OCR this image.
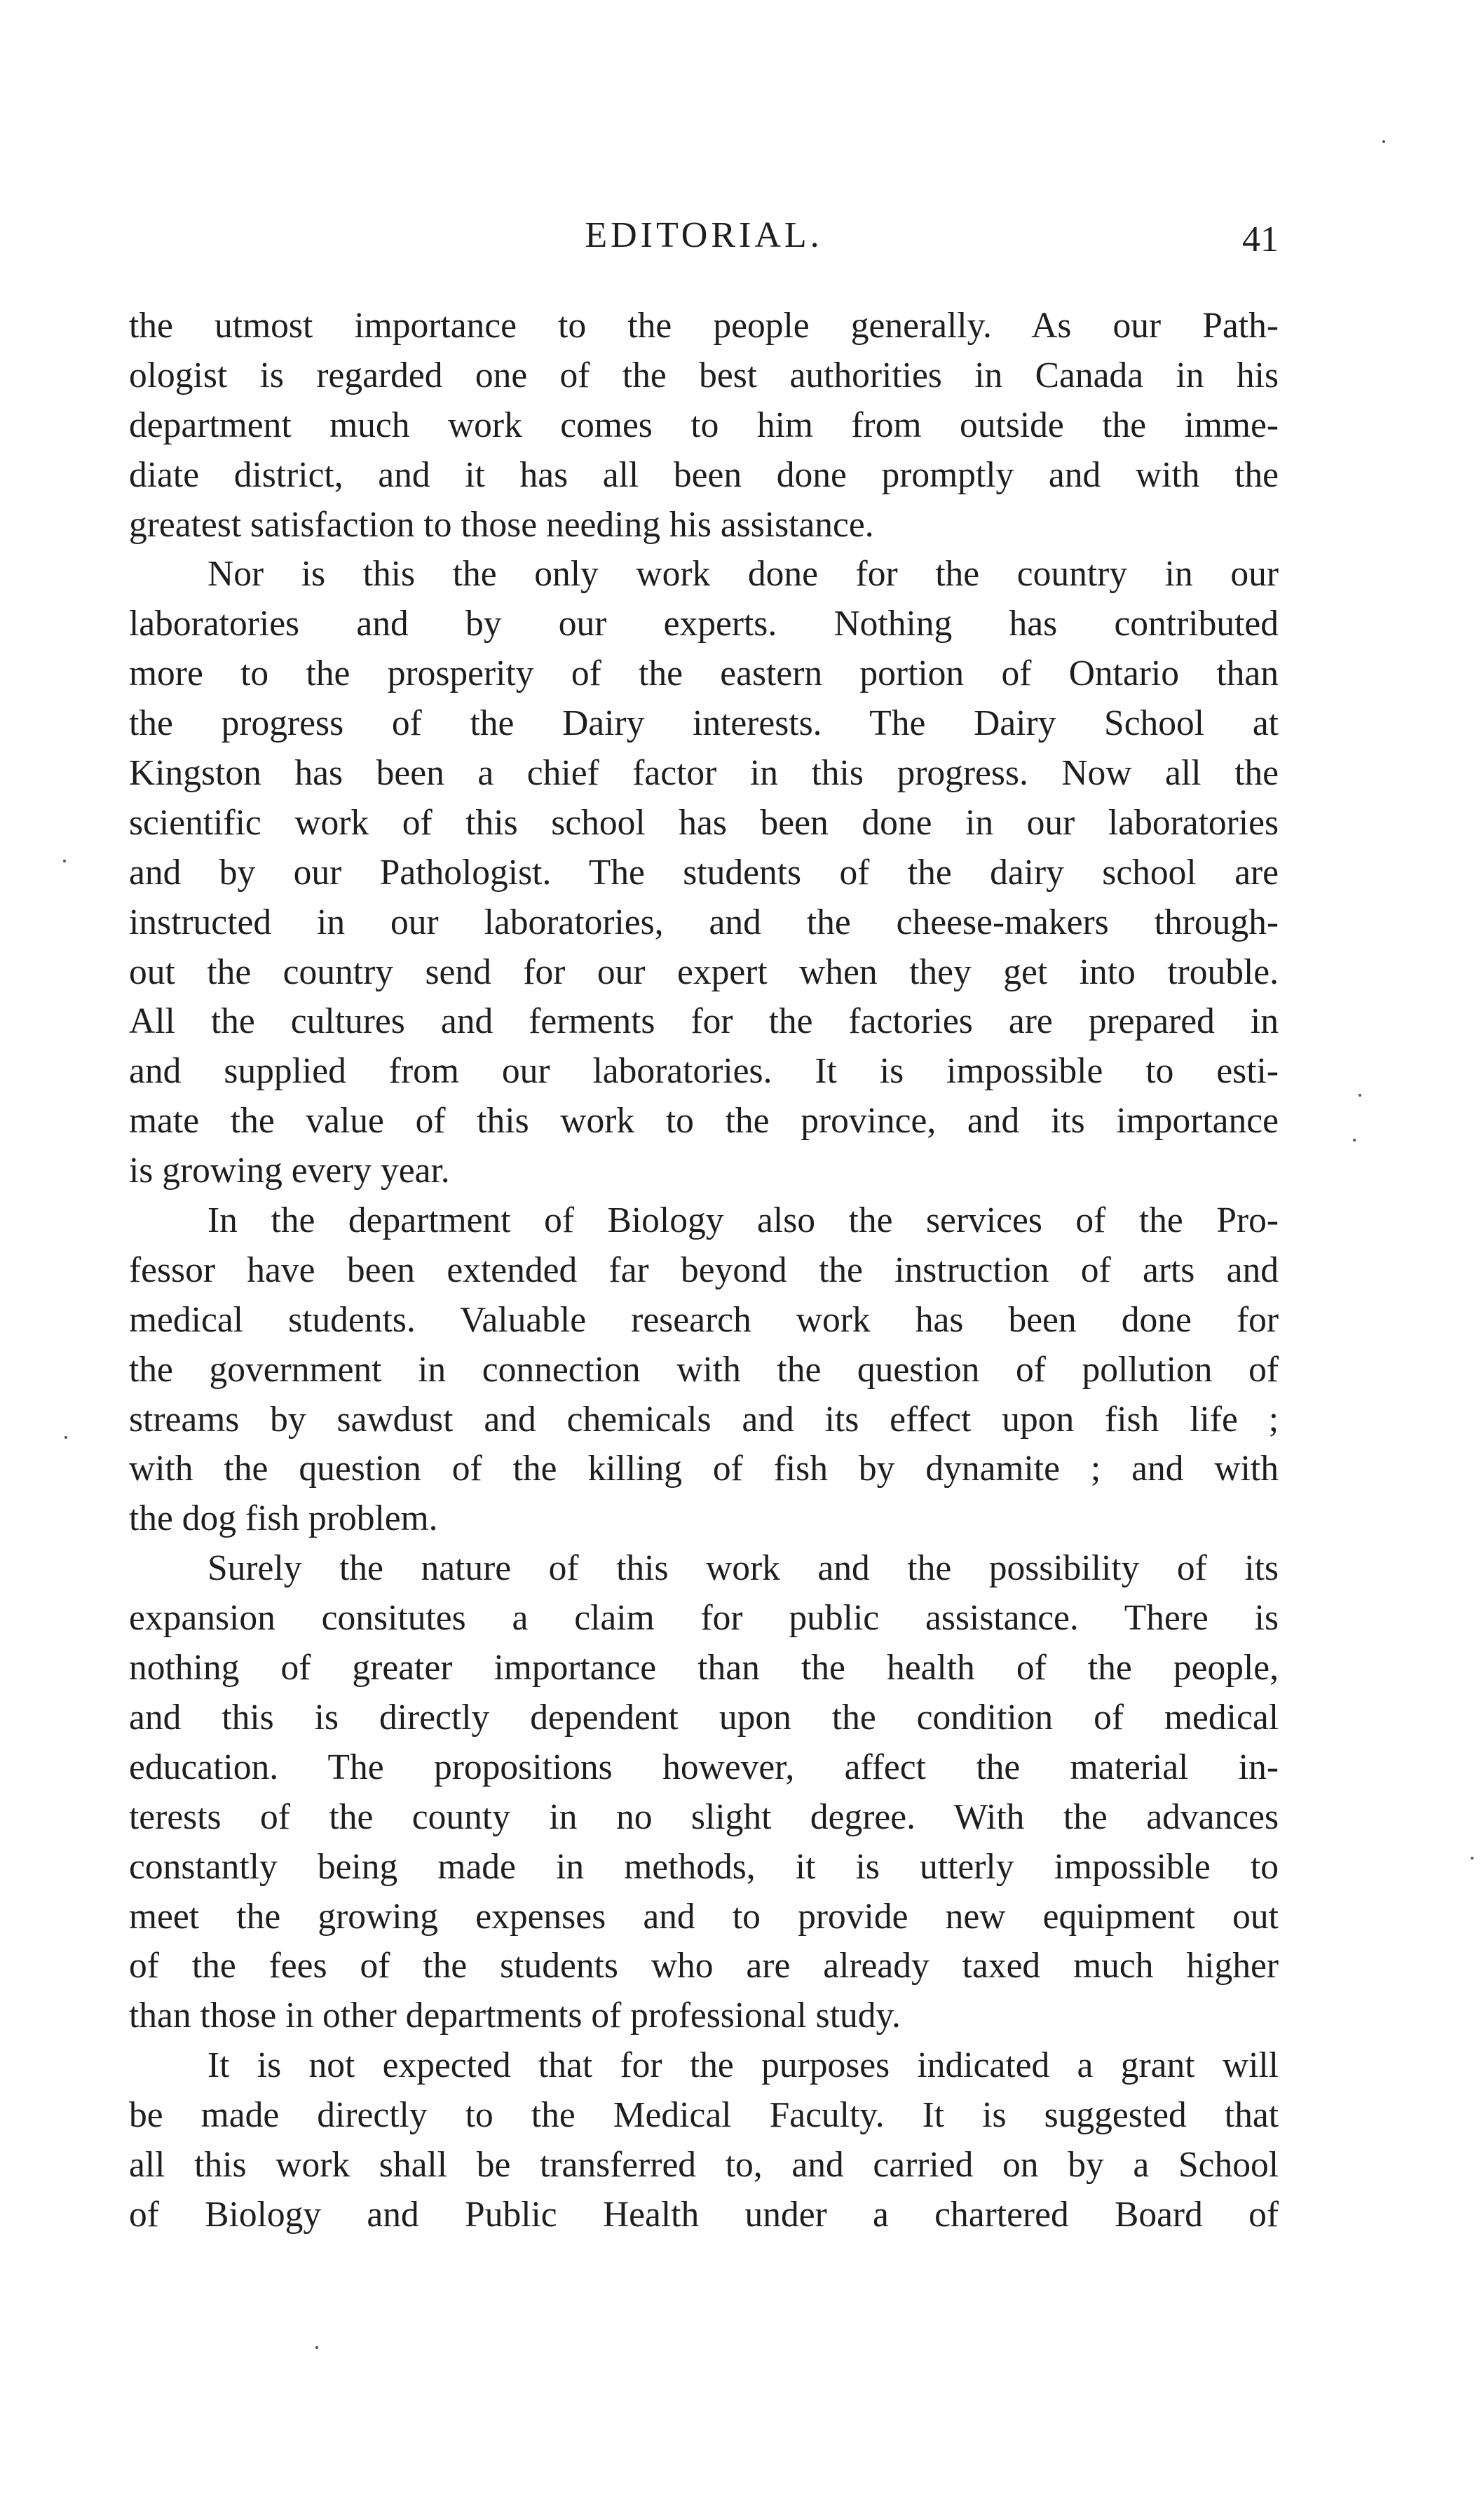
EDITORIAL.	41

the utmost importance to the people generally. As our Path-
ologist is regarded one of the best authorities in Canada in his
department much work comes to him from outside the imme-
diate district, and it has all been done promptly and with the
greatest satisfaction to those needing his assistance.

Nor is this the only work done for the country in our
laboratories and by our experts. Nothing has contributed
more to the prosperity of the eastern portion of Ontario than
the progress of the Dairy interests. The Dairy School at
Kingston has been a chief factor in this progress. Now all the
scientific work of this school has been done in our laboratories
and by our Pathologist. The students of the dairy school are
instructed in our laboratories, and the cheese-makers through-
out the country send for our expert when they get into trouble.
All the cultures and ferments for the factories are prepared in
and supplied from our laboratories. It is impossible to esti-
mate the value of this work to the province, and its importance
is growing every year.

In the department of Biology also the services of the Pro-
fessor have been extended far beyond the instruction of arts and
medical students. Valuable research work has been done for
the government in connection with the question of pollution of
streams by sawdust and chemicals and its effect upon fish life ;
with the question of the killing of fish by dynamite ; and with
the dog fish problem.

Surely the nature of this work and the possibility of its
expansion consitutes a claim for public assistance. There is
nothing of greater importance than the health of the people,
and this is directly dependent upon the condition of medical
education. The propositions however, affect the material in-
terests of the county in no slight degree. With the advances
constantly being made in methods, it is utterly impossible to
meet the growing expenses and to provide new equipment out
of the fees of the students who are already taxed much higher
than those in other departments of professional study.

It is not expected that for the purposes indicated a grant will
be made directly to the Medical Faculty. It is suggested that
all this work shall be transferred to, and carried on by a School
of Biology and Public Health under a chartered Board of
